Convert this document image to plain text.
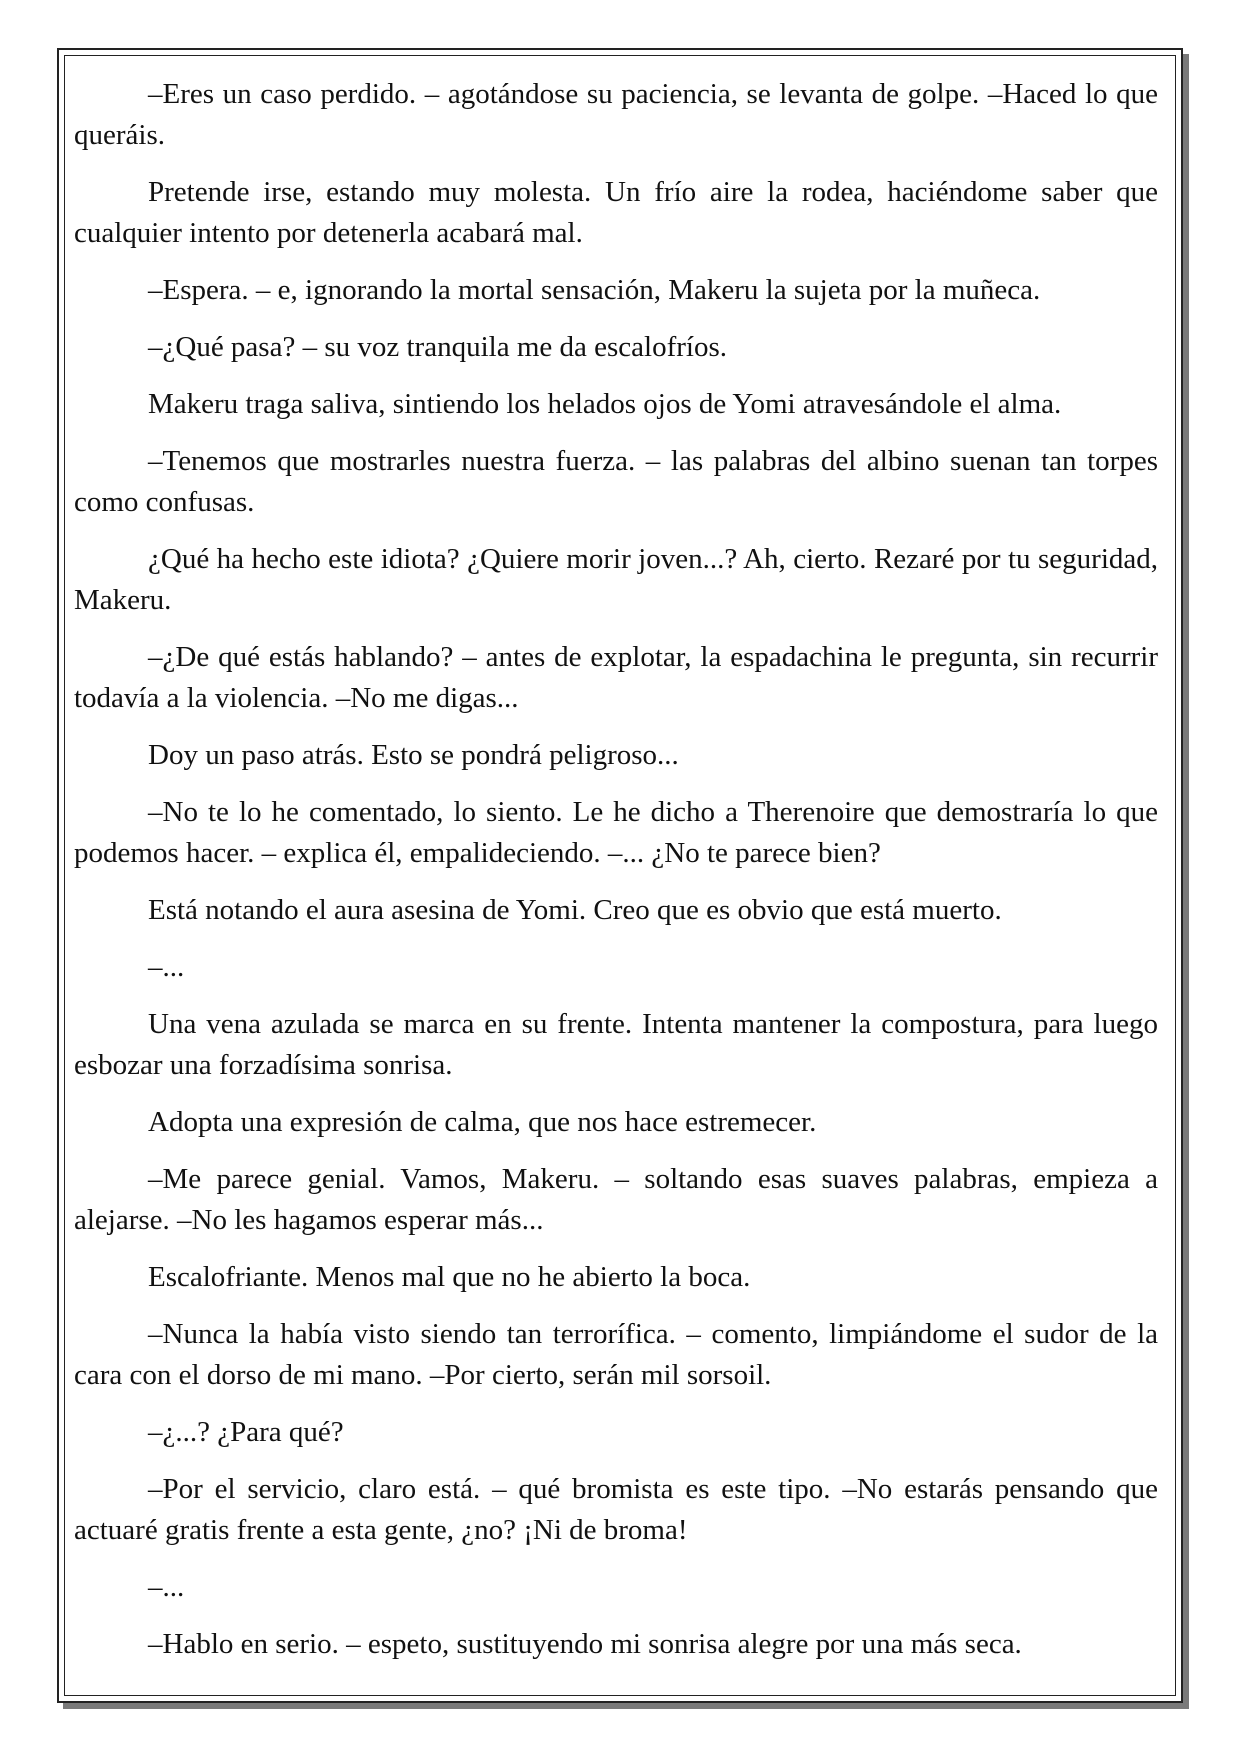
–Eres un caso perdido. – agotándose su paciencia, se levanta de golpe. –Haced lo que queráis.

Pretende irse, estando muy molesta. Un frío aire la rodea, haciéndome saber que cualquier intento por detenerla acabará mal.

–Espera. – e, ignorando la mortal sensación, Makeru la sujeta por la muñeca.

–¿Qué pasa? – su voz tranquila me da escalofríos.

Makeru traga saliva, sintiendo los helados ojos de Yomi atravesándole el alma.

–Tenemos que mostrarles nuestra fuerza. – las palabras del albino suenan tan torpes como confusas.

¿Qué ha hecho este idiota? ¿Quiere morir joven...? Ah, cierto. Rezaré por tu seguridad, Makeru.

–¿De qué estás hablando? – antes de explotar, la espadachina le pregunta, sin recurrir todavía a la violencia. –No me digas...

Doy un paso atrás. Esto se pondrá peligroso...

–No te lo he comentado, lo siento. Le he dicho a Therenoire que demostraría lo que podemos hacer. – explica él, empalideciendo. –... ¿No te parece bien?

Está notando el aura asesina de Yomi. Creo que es obvio que está muerto.

–...

Una vena azulada se marca en su frente. Intenta mantener la compostura, para luego esbozar una forzadísima sonrisa.

Adopta una expresión de calma, que nos hace estremecer.

–Me parece genial. Vamos, Makeru. – soltando esas suaves palabras, empieza a alejarse. –No les hagamos esperar más...

Escalofriante. Menos mal que no he abierto la boca.

–Nunca la había visto siendo tan terrorífica. – comento, limpiándome el sudor de la cara con el dorso de mi mano. –Por cierto, serán mil sorsoil.

–¿...? ¿Para qué?

–Por el servicio, claro está. – qué bromista es este tipo. –No estarás pensando que actuaré gratis frente a esta gente, ¿no? ¡Ni de broma!

–...

–Hablo en serio. – espeto, sustituyendo mi sonrisa alegre por una más seca.
